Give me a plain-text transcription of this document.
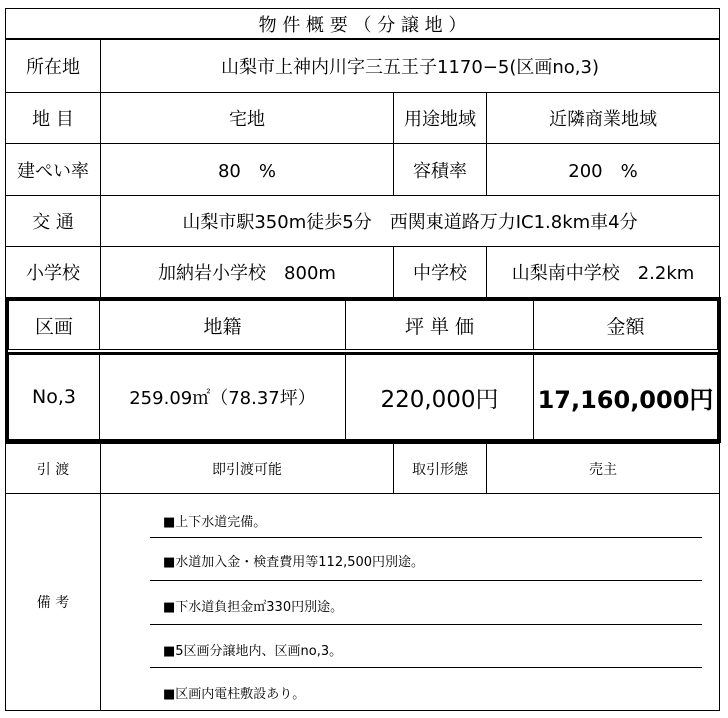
物 件 概 要 （ 分 譲 地 ）
所在地	山梨市上神内川字三五王子1170−5(区画no,3)
地 目	宅地	用途地域	近隣商業地域
建ぺい率	80　%	容積率	200　%
交 通	山梨市駅350m徒歩5分　西関東道路万力IC1.8km車4分
小学校	加納岩小学校　800m	中学校	山梨南中学校　2.2km
区画	地籍	坪 単 価	金額
No,3	259.09㎡（78.37坪）	220,000円	17,160,000円
引 渡	即引渡可能	取引形態	売主
備 考
■上下水道完備。
■水道加入金・検査費用等112,500円別途。
■下水道負担金㎡330円別途。
■5区画分譲地内、区画no,3。
■区画内電柱敷設あり。
